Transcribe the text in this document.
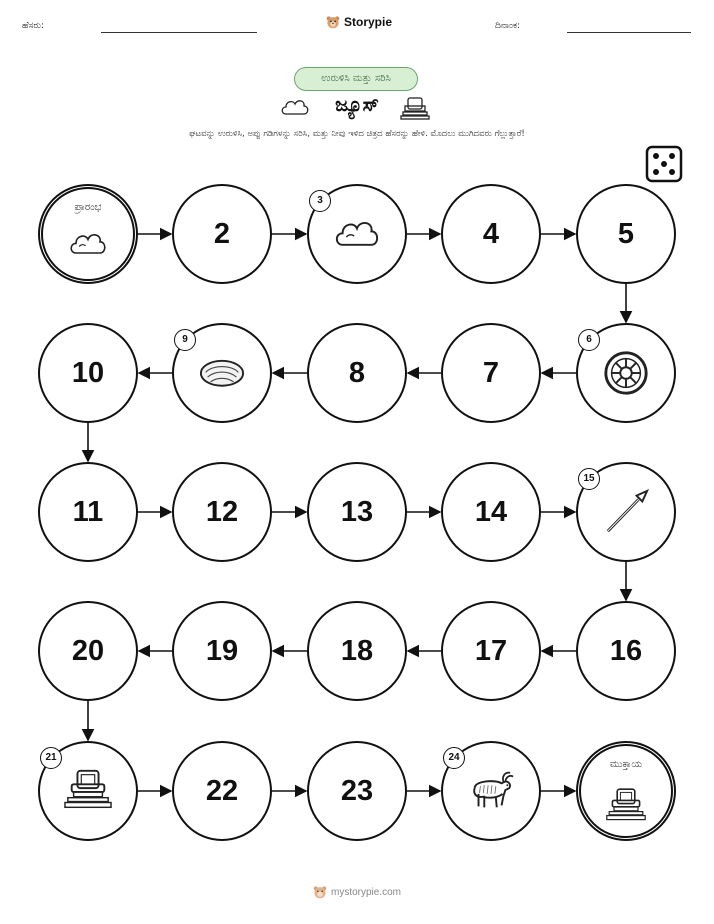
ಹೆಸರು:	Storypie	ದಿನಾಂಕ:
ಉರುಳಿಸಿ ಮತ್ತು ಸರಿಸಿ
ಜ್ಯೂಸ್
ಘಟವನ್ನು ಉರುಳಿಸಿ, ಅಪ್ಪು ಗಡಿಗಳನ್ನು ಸರಿಸಿ, ಮತ್ತು ನೀವು ಇಳಿದ ಚಿತ್ರದ ಹೆಸರನ್ನು ಹೇಳಿ. ಮೊದಲು ಮುಗಿದವರು ಗೆಲ್ಲುತ್ತಾರೆ!
ಪ್ರಾರಂಭ
2
3
4	5
6
7
8
9
10
11	12	13	14
15
16
17
18
19
20
21
22	23
24
ಮುಕ್ತಾಯ
mystorypie.com
